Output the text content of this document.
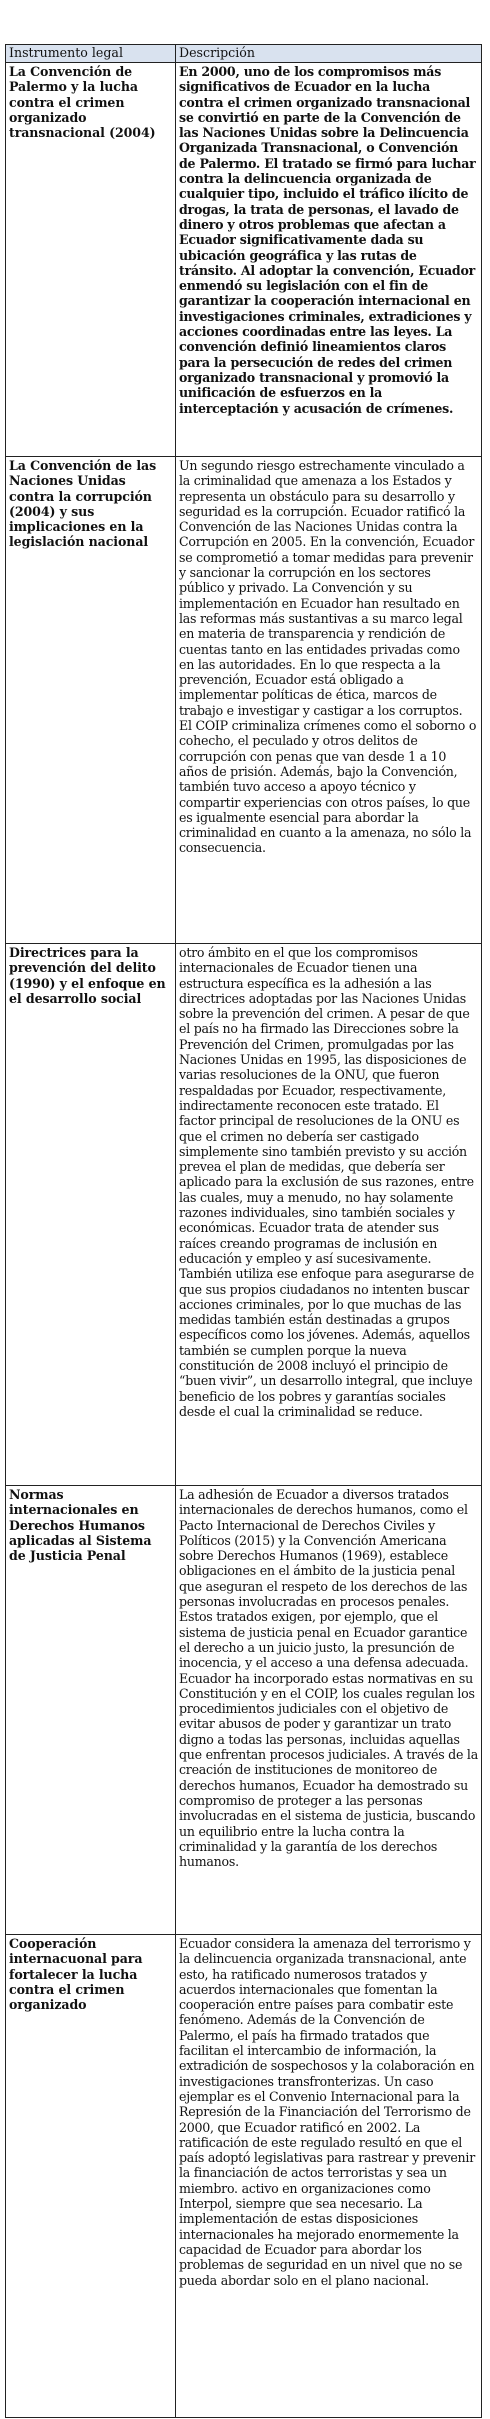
Instrumento legal	Descripción
La Convención de Palermo y la lucha contra el crimen organizado transnacional (2004)	En 2000, uno de los compromisos más significativos de Ecuador en la lucha contra el crimen organizado transnacional se convirtió en parte de la Convención de las Naciones Unidas sobre la Delincuencia Organizada Transnacional, o Convención de Palermo. El tratado se firmó para luchar contra la delincuencia organizada de cualquier tipo, incluido el tráfico ilícito de drogas, la trata de personas, el lavado de dinero y otros problemas que afectan a Ecuador significativamente dada su ubicación geográfica y las rutas de tránsito. Al adoptar la convención, Ecuador enmendó su legislación con el fin de garantizar la cooperación internacional en investigaciones criminales, extradiciones y acciones coordinadas entre las leyes. La convención definió lineamientos claros para la persecución de redes del crimen organizado transnacional y promovió la unificación de esfuerzos en la interceptación y acusación de crímenes.
La Convención de las Naciones Unidas contra la corrupción (2004) y sus implicaciones en la legislación nacional	Un segundo riesgo estrechamente vinculado a la criminalidad que amenaza a los Estados y representa un obstáculo para su desarrollo y seguridad es la corrupción. Ecuador ratificó la Convención de las Naciones Unidas contra la Corrupción en 2005. En la convención, Ecuador se comprometió a tomar medidas para prevenir y sancionar la corrupción en los sectores público y privado. La Convención y su implementación en Ecuador han resultado en las reformas más sustantivas a su marco legal en materia de transparencia y rendición de cuentas tanto en las entidades privadas como en las autoridades. En lo que respecta a la prevención, Ecuador está obligado a implementar políticas de ética, marcos de trabajo e investigar y castigar a los corruptos. El COIP criminaliza crímenes como el soborno o cohecho, el peculado y otros delitos de corrupción con penas que van desde 1 a 10 años de prisión. Además, bajo la Convención, también tuvo acceso a apoyo técnico y compartir experiencias con otros países, lo que es igualmente esencial para abordar la criminalidad en cuanto a la amenaza, no sólo la consecuencia.
Directrices para la prevención del delito (1990) y el enfoque en el desarrollo social	otro ámbito en el que los compromisos internacionales de Ecuador tienen una estructura específica es la adhesión a las directrices adoptadas por las Naciones Unidas sobre la prevención del crimen. A pesar de que el país no ha firmado las Direcciones sobre la Prevención del Crimen, promulgadas por las Naciones Unidas en 1995, las disposiciones de varias resoluciones de la ONU, que fueron respaldadas por Ecuador, respectivamente, indirectamente reconocen este tratado. El factor principal de resoluciones de la ONU es que el crimen no debería ser castigado simplemente sino también previsto y su acción prevea el plan de medidas, que debería ser aplicado para la exclusión de sus razones, entre las cuales, muy a menudo, no hay solamente razones individuales, sino también sociales y económicas. Ecuador trata de atender sus raíces creando programas de inclusión en educación y empleo y así sucesivamente. También utiliza ese enfoque para asegurarse de que sus propios ciudadanos no intenten buscar acciones criminales, por lo que muchas de las medidas también están destinadas a grupos específicos como los jóvenes. Además, aquellos también se cumplen porque la nueva constitución de 2008 incluyó el principio de “buen vivir”, un desarrollo integral, que incluye beneficio de los pobres y garantías sociales desde el cual la criminalidad se reduce.
Normas internacionales en Derechos Humanos aplicadas al Sistema de Justicia Penal	La adhesión de Ecuador a diversos tratados internacionales de derechos humanos, como el Pacto Internacional de Derechos Civiles y Políticos (2015) y la Convención Americana sobre Derechos Humanos (1969), establece obligaciones en el ámbito de la justicia penal que aseguran el respeto de los derechos de las personas involucradas en procesos penales. Estos tratados exigen, por ejemplo, que el sistema de justicia penal en Ecuador garantice el derecho a un juicio justo, la presunción de inocencia, y el acceso a una defensa adecuada. Ecuador ha incorporado estas normativas en su Constitución y en el COIP, los cuales regulan los procedimientos judiciales con el objetivo de evitar abusos de poder y garantizar un trato digno a todas las personas, incluidas aquellas que enfrentan procesos judiciales. A través de la creación de instituciones de monitoreo de derechos humanos, Ecuador ha demostrado su compromiso de proteger a las personas involucradas en el sistema de justicia, buscando un equilibrio entre la lucha contra la criminalidad y la garantía de los derechos humanos.
Cooperación internacuonal para fortalecer la lucha contra el crimen organizado	Ecuador considera la amenaza del terrorismo y la delincuencia organizada transnacional, ante esto, ha ratificado numerosos tratados y acuerdos internacionales que fomentan la cooperación entre países para combatir este fenómeno. Además de la Convención de Palermo, el país ha firmado tratados que facilitan el intercambio de información, la extradición de sospechosos y la colaboración en investigaciones transfronterizas. Un caso ejemplar es el Convenio Internacional para la Represión de la Financiación del Terrorismo de 2000, que Ecuador ratificó en 2002. La ratificación de este regulado resultó en que el país adoptó legislativas para rastrear y prevenir la financiación de actos terroristas y sea un miembro. activo en organizaciones como Interpol, siempre que sea necesario. La implementación de estas disposiciones internacionales ha mejorado enormemente la capacidad de Ecuador para abordar los problemas de seguridad en un nivel que no se pueda abordar solo en el plano nacional.
